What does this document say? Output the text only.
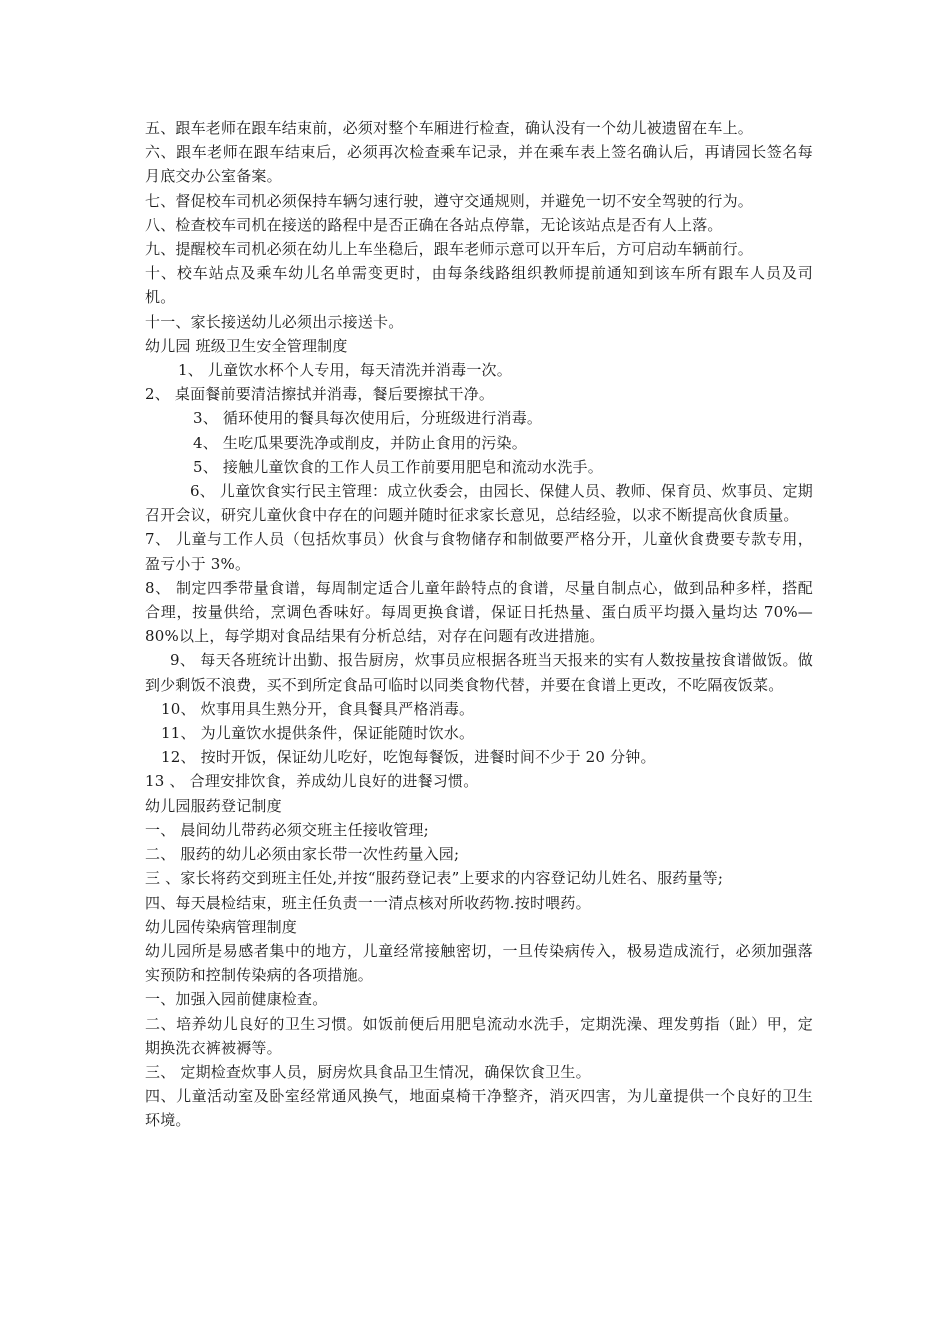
五、跟车老师在跟车结束前，必须对整个车厢进行检查，确认没有一个幼儿被遗留在车上。

六、跟车老师在跟车结束后，必须再次检查乘车记录，并在乘车表上签名确认后，再请园长签名每月底交办公室备案。

七、督促校车司机必须保持车辆匀速行驶，遵守交通规则，并避免一切不安全驾驶的行为。

八、检查校车司机在接送的路程中是否正确在各站点停靠，无论该站点是否有人上落。

九、提醒校车司机必须在幼儿上车坐稳后，跟车老师示意可以开车后，方可启动车辆前行。

十、校车站点及乘车幼儿名单需变更时，由每条线路组织教师提前通知到该车所有跟车人员及司机。

十一、家长接送幼儿必须出示接送卡。

幼儿园 班级卫生安全管理制度

1、 儿童饮水杯个人专用，每天清洗并消毒一次。

2、 桌面餐前要清洁擦拭并消毒，餐后要擦拭干净。

3、 循环使用的餐具每次使用后，分班级进行消毒。

4、 生吃瓜果要洗净或削皮，并防止食用的污染。

5、 接触儿童饮食的工作人员工作前要用肥皂和流动水洗手。

6、 儿童饮食实行民主管理：成立伙委会，由园长、保健人员、教师、保育员、炊事员、定期召开会议，研究儿童伙食中存在的问题并随时征求家长意见，总结经验，以求不断提高伙食质量。

7、 儿童与工作人员（包括炊事员）伙食与食物储存和制做要严格分开，儿童伙食费要专款专用，盈亏小于 3%。

8、 制定四季带量食谱，每周制定适合儿童年龄特点的食谱，尽量自制点心，做到品种多样，搭配合理，按量供给，烹调色香味好。每周更换食谱，保证日托热量、蛋白质平均摄入量均达 70%—80%以上，每学期对食品结果有分析总结，对存在问题有改进措施。

9、 每天各班统计出勤、报告厨房，炊事员应根据各班当天报来的实有人数按量按食谱做饭。做到少剩饭不浪费，买不到所定食品可临时以同类食物代替，并要在食谱上更改，不吃隔夜饭菜。

10、 炊事用具生熟分开，食具餐具严格消毒。

11、 为儿童饮水提供条件，保证能随时饮水。

12、 按时开饭，保证幼儿吃好，吃饱每餐饭，进餐时间不少于 20 分钟。

13 、 合理安排饮食，养成幼儿良好的进餐习惯。

幼儿园服药登记制度

一、 晨间幼儿带药必须交班主任接收管理;

二、 服药的幼儿必须由家长带一次性药量入园;

三 、家长将药交到班主任处,并按“服药登记表”上要求的内容登记幼儿姓名、服药量等;

四、每天晨检结束，班主任负责一一清点核对所收药物.按时喂药。

幼儿园传染病管理制度

幼儿园所是易感者集中的地方，儿童经常接触密切，一旦传染病传入，极易造成流行，必须加强落实预防和控制传染病的各项措施。

一、加强入园前健康检查。

二、培养幼儿良好的卫生习惯。如饭前便后用肥皂流动水洗手，定期洗澡、理发剪指（趾）甲，定期换洗衣裤被褥等。

三、 定期检查炊事人员，厨房炊具食品卫生情况，确保饮食卫生。

四、儿童活动室及卧室经常通风换气，地面桌椅干净整齐，消灭四害，为儿童提供一个良好的卫生环境。
